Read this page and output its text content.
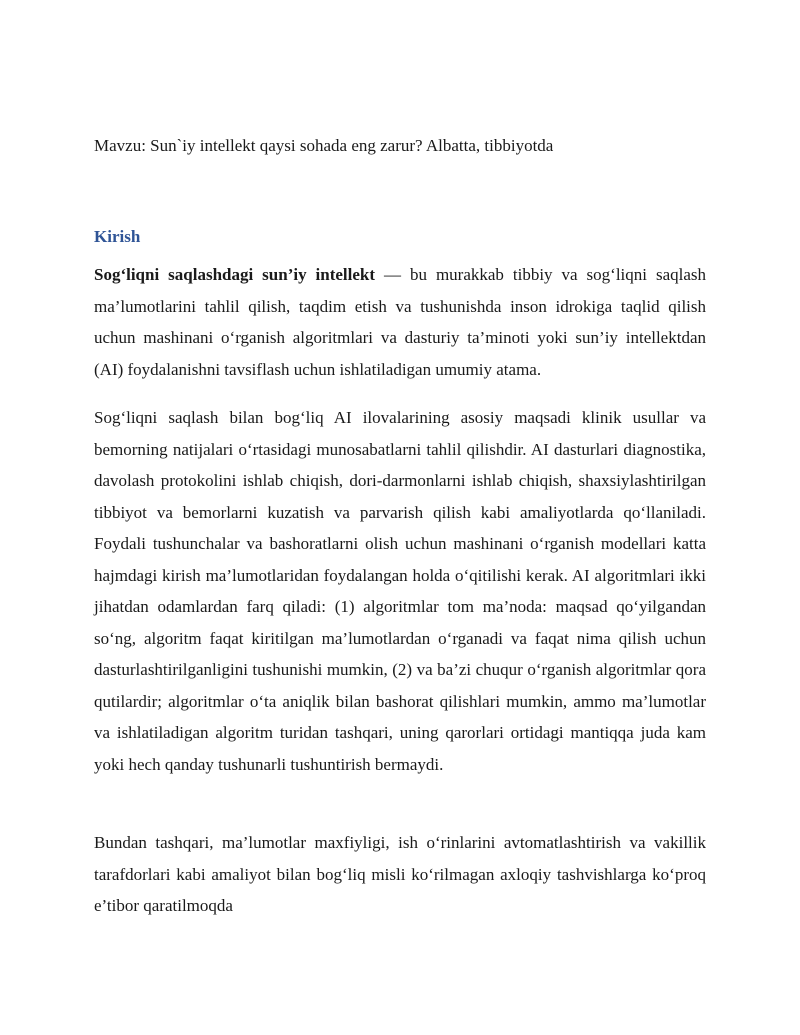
Mavzu: Sun`iy intellekt qaysi sohada eng zarur? Albatta, tibbiyotda
Kirish

Sog‘liqni saqlashdagi sun’iy intellekt — bu murakkab tibbiy va sog‘liqni saqlash ma’lumotlarini tahlil qilish, taqdim etish va tushunishda inson idrokiga taqlid qilish uchun mashinani o‘rganish algoritmlari va dasturiy ta’minoti yoki sun’iy intellektdan (AI) foydalanishni tavsiflash uchun ishlatiladigan umumiy atama.

Sog‘liqni saqlash bilan bog‘liq AI ilovalarining asosiy maqsadi klinik usullar va bemorning natijalari o‘rtasidagi munosabatlarni tahlil qilishdir. AI dasturlari diagnostika, davolash protokolini ishlab chiqish, dori-darmonlarni ishlab chiqish, shaxsiylashtirilgan tibbiyot va bemorlarni kuzatish va parvarish qilish kabi amaliyotlarda qo‘llaniladi. Foydali tushunchalar va bashoratlarni olish uchun mashinani o‘rganish modellari katta hajmdagi kirish ma’lumotlaridan foydalangan holda o‘qitilishi kerak. AI algoritmlari ikki jihatdan odamlardan farq qiladi: (1) algoritmlar tom ma’noda: maqsad qo‘yilgandan so‘ng, algoritm faqat kiritilgan ma’lumotlardan o‘rganadi va faqat nima qilish uchun dasturlashtirilganligini tushunishi mumkin, (2) va ba’zi chuqur o‘rganish algoritmlar qora qutilardir; algoritmlar o‘ta aniqlik bilan bashorat qilishlari mumkin, ammo ma’lumotlar va ishlatiladigan algoritm turidan tashqari, uning qarorlari ortidagi mantiqqa juda kam yoki hech qanday tushunarli tushuntirish bermaydi.

Bundan tashqari, ma’lumotlar maxfiyligi, ish o‘rinlarini avtomatlashtirish va vakillik tarafdorlari kabi amaliyot bilan bog‘liq misli ko‘rilmagan axloqiy tashvishlarga ko‘proq e’tibor qaratilmoqda
